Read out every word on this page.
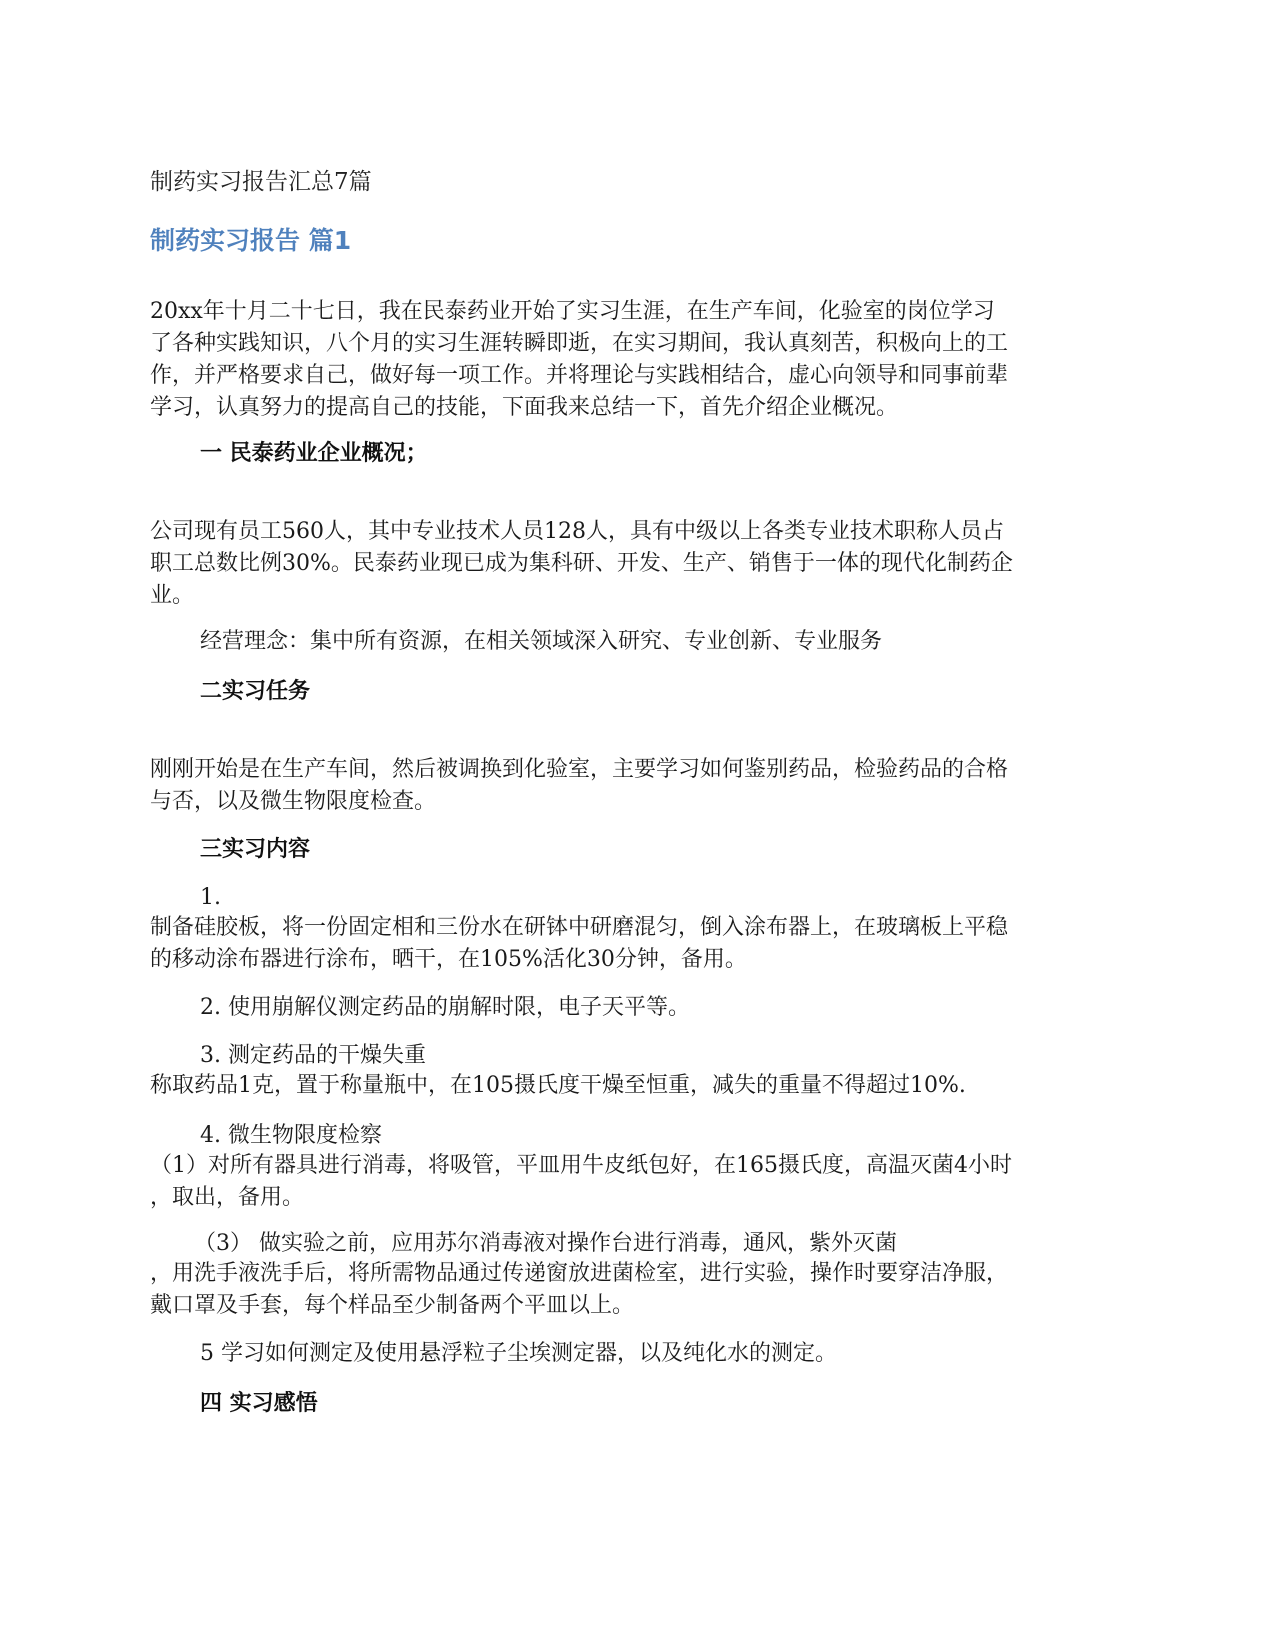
制药实习报告汇总7篇
制药实习报告 篇1
20xx年十月二十七日，我在民泰药业开始了实习生涯，在生产车间，化验室的岗位学习
了各种实践知识，八个月的实习生涯转瞬即逝，在实习期间，我认真刻苦，积极向上的工
作，并严格要求自己，做好每一项工作。并将理论与实践相结合，虚心向领导和同事前辈
学习，认真努力的提高自己的技能，下面我来总结一下，首先介绍企业概况。
一 民泰药业企业概况；
公司现有员工560人，其中专业技术人员128人，具有中级以上各类专业技术职称人员占
职工总数比例30%。民泰药业现已成为集科研、开发、生产、销售于一体的现代化制药企
业。
经营理念：集中所有资源，在相关领域深入研究、专业创新、专业服务
二实习任务
刚刚开始是在生产车间，然后被调换到化验室，主要学习如何鉴别药品，检验药品的合格
与否，以及微生物限度检查。
三实习内容
1.
制备硅胶板，将一份固定相和三份水在研钵中研磨混匀，倒入涂布器上，在玻璃板上平稳
的移动涂布器进行涂布，晒干，在105%活化30分钟，备用。
2. 使用崩解仪测定药品的崩解时限，电子天平等。
3. 测定药品的干燥失重
称取药品1克，置于称量瓶中，在105摄氏度干燥至恒重，减失的重量不得超过10%.
4. 微生物限度检察
（1）对所有器具进行消毒，将吸管，平皿用牛皮纸包好，在165摄氏度，高温灭菌4小时
，取出，备用。
（3） 做实验之前，应用苏尔消毒液对操作台进行消毒，通风，紫外灭菌
，用洗手液洗手后，将所需物品通过传递窗放进菌检室，进行实验，操作时要穿洁净服，
戴口罩及手套，每个样品至少制备两个平皿以上。
5 学习如何测定及使用悬浮粒子尘埃测定器，以及纯化水的测定。
四 实习感悟
